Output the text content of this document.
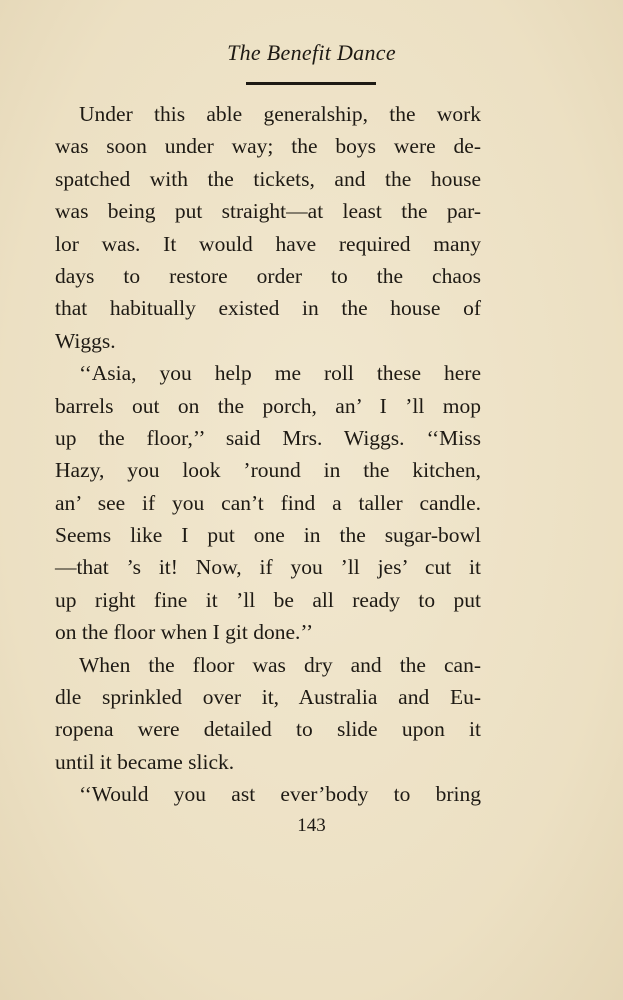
The Benefit Dance
Under this able generalship, the work
was soon under way; the boys were de-
spatched with the tickets, and the house
was being put straight—at least the par-
lor was. It would have required many
days to restore order to the chaos
that habitually existed in the house of
Wiggs.
‘‘Asia, you help me roll these here
barrels out on the porch, an’ I ’ll mop
up the floor,’’ said Mrs. Wiggs. ‘‘Miss
Hazy, you look ’round in the kitchen,
an’ see if you can’t find a taller candle.
Seems like I put one in the sugar-bowl
—that ’s it! Now, if you ’ll jes’ cut it
up right fine it ’ll be all ready to put
on the floor when I git done.’’
When the floor was dry and the can-
dle sprinkled over it, Australia and Eu-
ropena were detailed to slide upon it
until it became slick.
‘‘Would you ast ever’body to bring
143
